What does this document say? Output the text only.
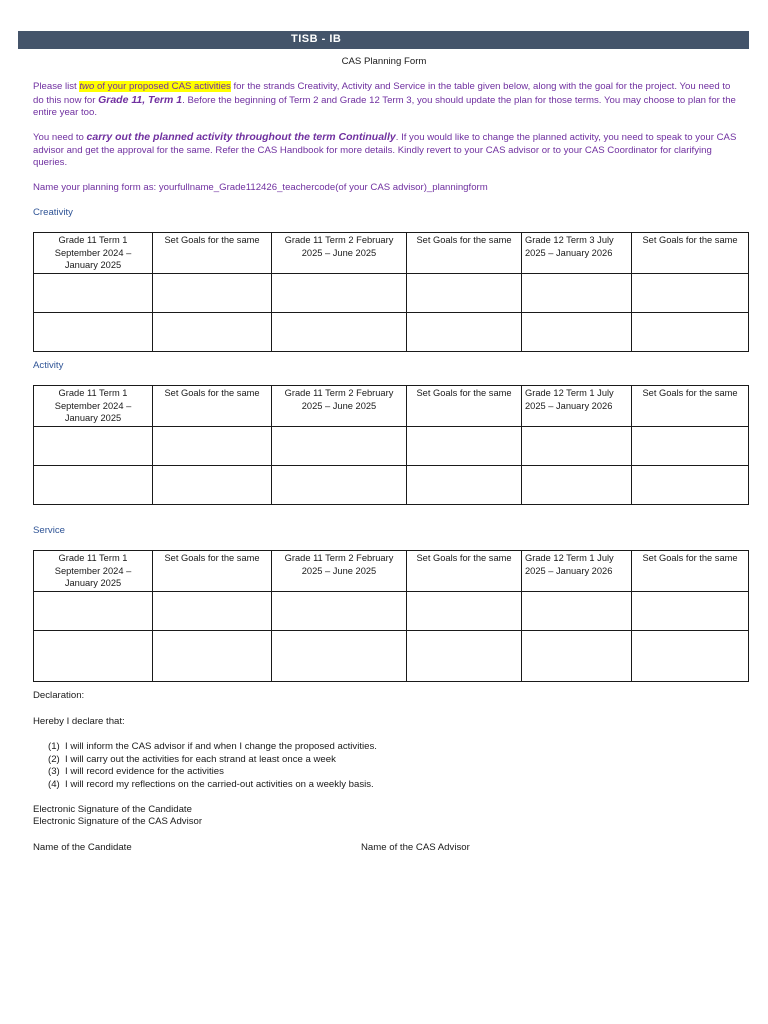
TISB - IB
CAS Planning Form

Please list two of your proposed CAS activities for the strands Creativity, Activity and Service in the table given below, along with the goal for the project. You need to do this now for Grade 11, Term 1. Before the beginning of Term 2 and Grade 12 Term 3, you should update the plan for those terms. You may choose to plan for the entire year too.

You need to carry out the planned activity throughout the term Continually. If you would like to change the planned activity, you need to speak to your CAS advisor and get the approval for the same. Refer the CAS Handbook for more details. Kindly revert to your CAS advisor or to your CAS Coordinator for clarifying queries.

Name your planning form as: yourfullname_Grade112426_teachercode(of your CAS advisor)_planningform

Creativity
Grade 11 Term 1 September 2024 – January 2025	Set Goals for the same	Grade 11 Term 2 February 2025 – June 2025	Set Goals for the same	Grade 12 Term 3 July 2025 – January 2026	Set Goals for the same

Activity
Grade 11 Term 1 September 2024 – January 2025	Set Goals for the same	Grade 11 Term 2 February 2025 – June 2025	Set Goals for the same	Grade 12 Term 1 July 2025 – January 2026	Set Goals for the same

Service
Grade 11 Term 1 September 2024 – January 2025	Set Goals for the same	Grade 11 Term 2 February 2025 – June 2025	Set Goals for the same	Grade 12 Term 1 July 2025 – January 2026	Set Goals for the same

Declaration:
Hereby I declare that:
(1) I will inform the CAS advisor if and when I change the proposed activities.
(2) I will carry out the activities for each strand at least once a week
(3) I will record evidence for the activities
(4) I will record my reflections on the carried-out activities on a weekly basis.
Electronic Signature of the Candidate
Electronic Signature of the CAS Advisor
Name of the Candidate	Name of the CAS Advisor
